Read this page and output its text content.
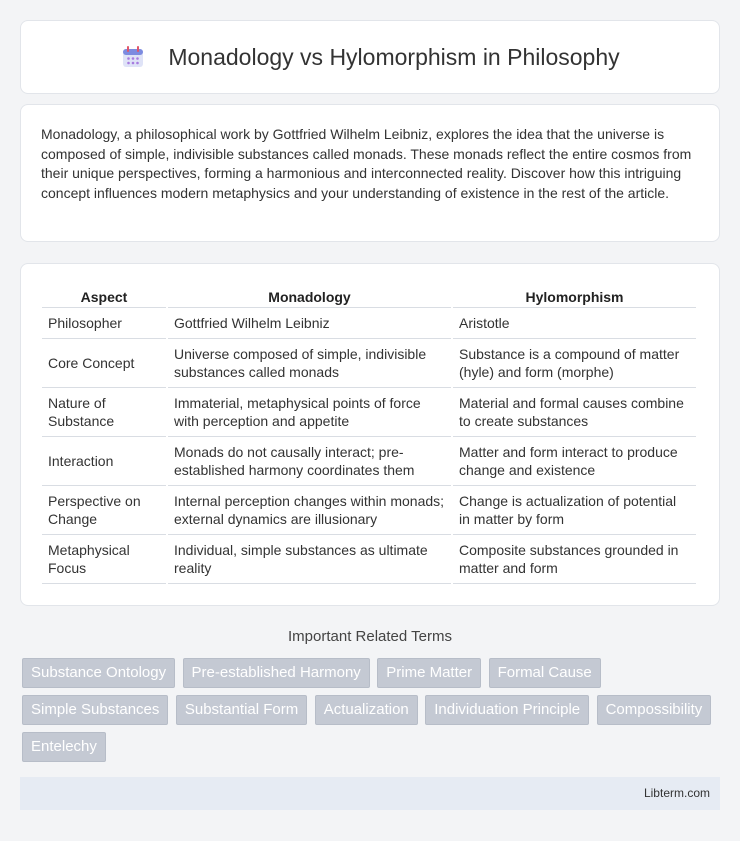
Monadology vs Hylomorphism in Philosophy

Monadology, a philosophical work by Gottfried Wilhelm Leibniz, explores the idea that the universe is composed of simple, indivisible substances called monads. These monads reflect the entire cosmos from their unique perspectives, forming a harmonious and interconnected reality. Discover how this intriguing concept influences modern metaphysics and your understanding of existence in the rest of the article.

Aspect	Monadology	Hylomorphism
Philosopher	Gottfried Wilhelm Leibniz	Aristotle
Core Concept	Universe composed of simple, indivisible substances called monads	Substance is a compound of matter (hyle) and form (morphe)
Nature of Substance	Immaterial, metaphysical points of force with perception and appetite	Material and formal causes combine to create substances
Interaction	Monads do not causally interact; pre-established harmony coordinates them	Matter and form interact to produce change and existence
Perspective on Change	Internal perception changes within monads; external dynamics are illusionary	Change is actualization of potential in matter by form
Metaphysical Focus	Individual, simple substances as ultimate reality	Composite substances grounded in matter and form
Important Related Terms
Substance Ontology Pre-established Harmony Prime Matter Formal Cause Simple Substances Substantial Form Actualization Individuation Principle Compossibility Entelechy
Libterm.com
